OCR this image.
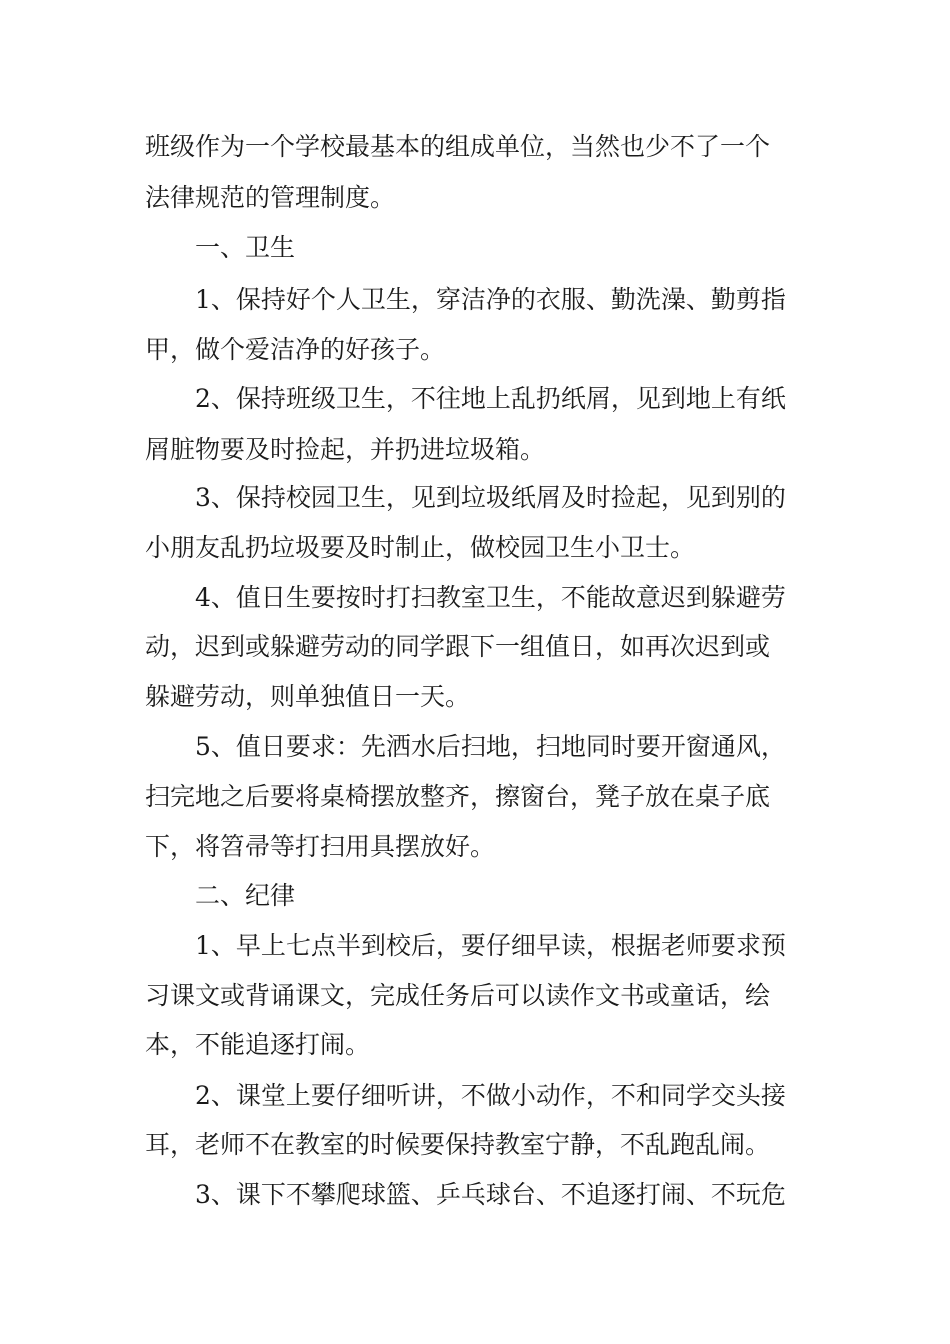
班级作为一个学校最基本的组成单位，当然也少不了一个
法律规范的管理制度。
一、卫生
1、保持好个人卫生，穿洁净的衣服、勤洗澡、勤剪指
甲，做个爱洁净的好孩子。
2、保持班级卫生，不往地上乱扔纸屑，见到地上有纸
屑脏物要及时捡起，并扔进垃圾箱。
3、保持校园卫生，见到垃圾纸屑及时捡起，见到别的
小朋友乱扔垃圾要及时制止，做校园卫生小卫士。
4、值日生要按时打扫教室卫生，不能故意迟到躲避劳
动，迟到或躲避劳动的同学跟下一组值日，如再次迟到或
躲避劳动，则单独值日一天。
5、值日要求：先洒水后扫地，扫地同时要开窗通风，
扫完地之后要将桌椅摆放整齐，擦窗台，凳子放在桌子底
下，将笤帚等打扫用具摆放好。
二、纪律
1、早上七点半到校后，要仔细早读，根据老师要求预
习课文或背诵课文，完成任务后可以读作文书或童话，绘
本，不能追逐打闹。
2、课堂上要仔细听讲，不做小动作，不和同学交头接
耳，老师不在教室的时候要保持教室宁静，不乱跑乱闹。
3、课下不攀爬球篮、乒乓球台、不追逐打闹、不玩危
